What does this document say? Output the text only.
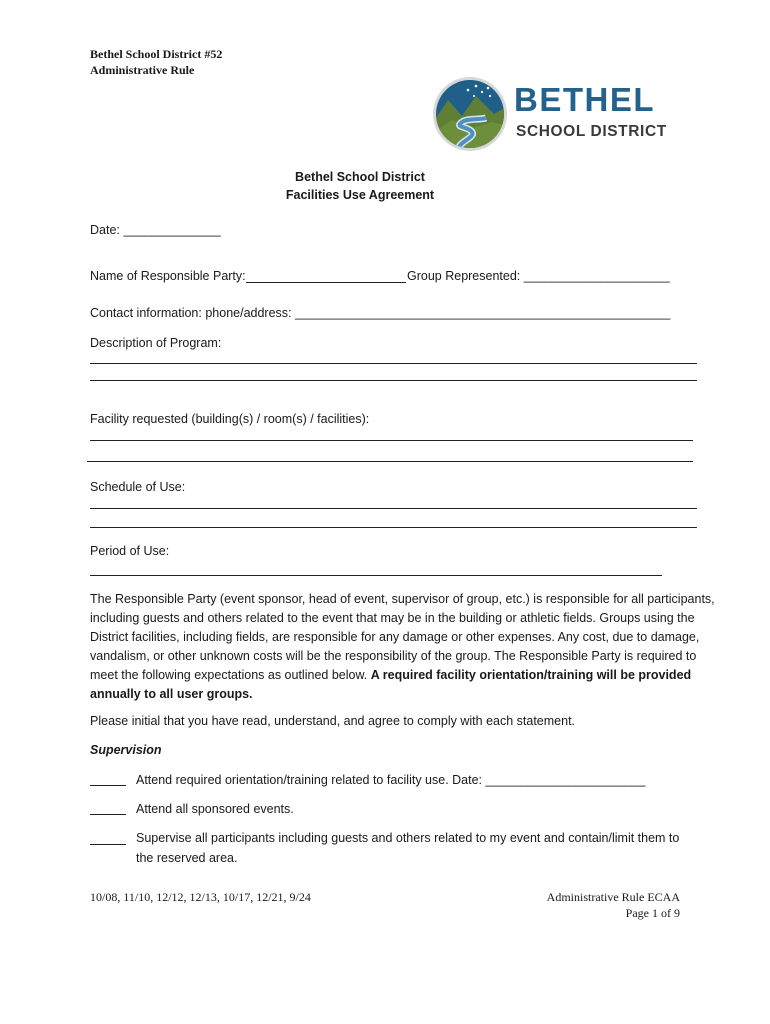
Bethel School District #52
Administrative Rule
BETHEL
SCHOOL DISTRICT
Bethel School District
Facilities Use Agreement
Date: ______________
Name of Responsible Party:	Group Represented: _____________________
Contact information: phone/address: ______________________________________________________
Description of Program:
Facility requested (building(s) / room(s) / facilities):
Schedule of Use:
Period of Use:
The Responsible Party (event sponsor, head of event, supervisor of group, etc.) is responsible for all participants, including guests and others related to the event that may be in the building or athletic fields. Groups using the District facilities, including fields, are responsible for any damage or other expenses. Any cost, due to damage, vandalism, or other unknown costs will be the responsibility of the group. The Responsible Party is required to meet the following expectations as outlined below. A required facility orientation/training will be provided annually to all user groups.
Please initial that you have read, understand, and agree to comply with each statement.
Supervision
Attend required orientation/training related to facility use. Date: _______________________
Attend all sponsored events.
Supervise all participants including guests and others related to my event and contain/limit them to the reserved area.
10/08, 11/10, 12/12, 12/13, 10/17, 12/21, 9/24	Administrative Rule ECAA
Page 1 of 9
